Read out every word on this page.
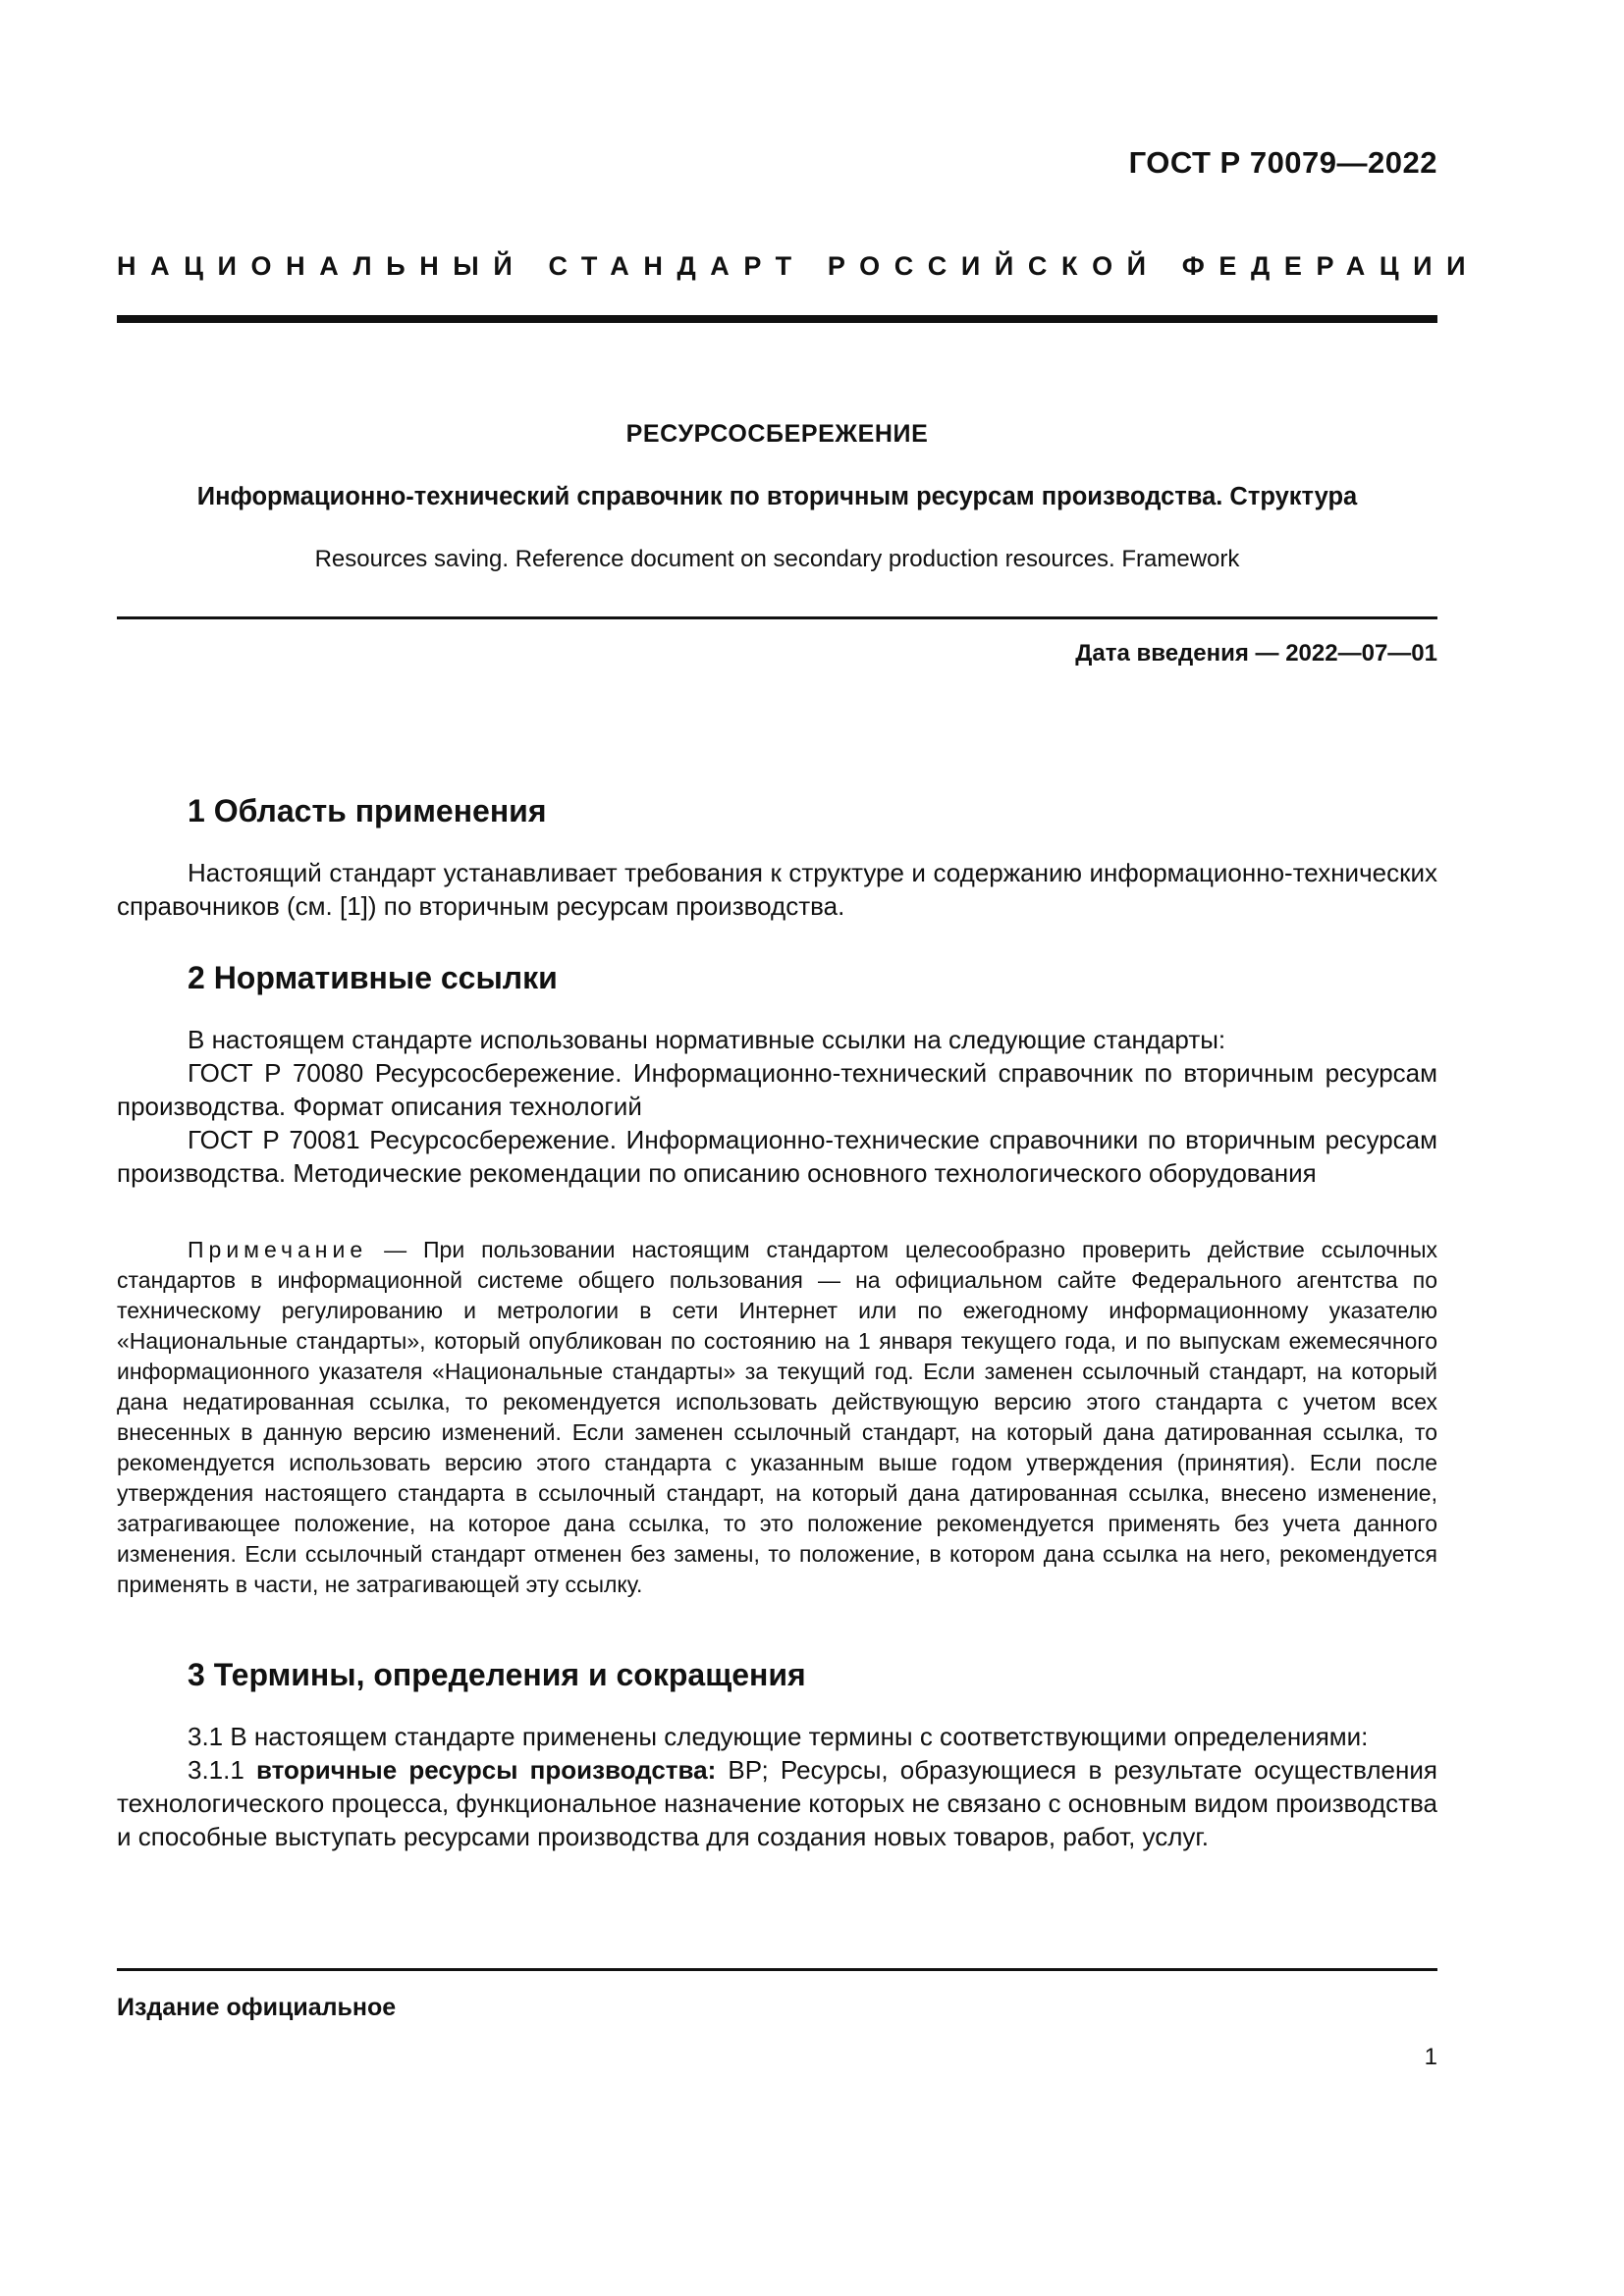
ГОСТ Р 70079—2022
НАЦИОНАЛЬНЫЙ СТАНДАРТ РОССИЙСКОЙ ФЕДЕРАЦИИ
РЕСУРСОСБЕРЕЖЕНИЕ
Информационно-технический справочник по вторичным ресурсам производства. Структура
Resources saving. Reference document on secondary production resources. Framework
Дата введения — 2022—07—01
1 Область применения

Настоящий стандарт устанавливает требования к структуре и содержанию информационно-технических справочников (см. [1]) по вторичным ресурсам производства.

2 Нормативные ссылки

В настоящем стандарте использованы нормативные ссылки на следующие стандарты:

ГОСТ Р 70080 Ресурсосбережение. Информационно-технический справочник по вторичным ресурсам производства. Формат описания технологий

ГОСТ Р 70081 Ресурсосбережение. Информационно-технические справочники по вторичным ресурсам производства. Методические рекомендации по описанию основного технологического оборудования

Примечание — При пользовании настоящим стандартом целесообразно проверить действие ссылочных стандартов в информационной системе общего пользования — на официальном сайте Федерального агентства по техническому регулированию и метрологии в сети Интернет или по ежегодному информационному указателю «Национальные стандарты», который опубликован по состоянию на 1 января текущего года, и по выпускам ежемесячного информационного указателя «Национальные стандарты» за текущий год. Если заменен ссылочный стандарт, на который дана недатированная ссылка, то рекомендуется использовать действующую версию этого стандарта с учетом всех внесенных в данную версию изменений. Если заменен ссылочный стандарт, на который дана датированная ссылка, то рекомендуется использовать версию этого стандарта с указанным выше годом утверждения (принятия). Если после утверждения настоящего стандарта в ссылочный стандарт, на который дана датированная ссылка, внесено изменение, затрагивающее положение, на которое дана ссылка, то это положение рекомендуется применять без учета данного изменения. Если ссылочный стандарт отменен без замены, то положение, в котором дана ссылка на него, рекомендуется применять в части, не затрагивающей эту ссылку.

3 Термины, определения и сокращения

3.1 В настоящем стандарте применены следующие термины с соответствующими определениями:

3.1.1 вторичные ресурсы производства: ВР; Ресурсы, образующиеся в результате осуществления технологического процесса, функциональное назначение которых не связано с основным видом производства и способные выступать ресурсами производства для создания новых товаров, работ, услуг.

Издание официальное
1
